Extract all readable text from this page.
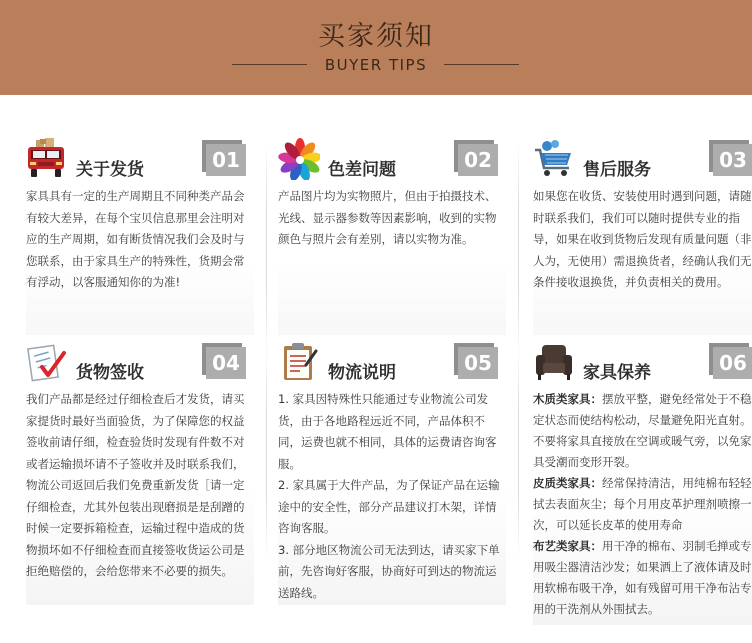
买家须知
BUYER TIPS
关于发货	01

家具具有一定的生产周期且不同种类产品会有较大差异，在每个宝贝信息那里会注明对应的生产周期，如有断货情况我们会及时与您联系，由于家具生产的特殊性，货期会常有浮动，以客服通知你的为准!

色差问题	02

产品图片均为实物照片，但由于拍摄技术、光线、显示器参数等因素影响，收到的实物颜色与照片会有差别，请以实物为准。

售后服务	03

如果您在收货、安装使用时遇到问题，请随时联系我们，我们可以随时提供专业的指导，如果在收到货物后发现有质量问题（非人为，无使用）需退换货者，经确认我们无条件接收退换货，并负责相关的费用。

货物签收	04

我们产品都是经过仔细检查后才发货，请买家提货时最好当面验货，为了保障您的权益签收前请仔细，检查验货时发现有件数不对或者运输损坏请不子签收并及时联系我们，物流公司返回后我们免费重新发货［请一定仔细检查，尤其外包装出现磨损是是刮蹭的时候一定要拆箱检查，运输过程中造成的货物损坏如不仔细检查而直接签收货运公司是拒绝赔偿的，会给您带来不必要的损失。

物流说明	05

1. 家具因特殊性只能通过专业物流公司发货，由于各地路程远近不同，产品体积不同，运费也就不相同，具体的运费请咨询客服。

2. 家具属于大件产品，为了保证产品在运输途中的安全性，部分产品建议打木架，详情咨询客服。

3. 部分地区物流公司无法到达，请买家下单前，先咨询好客服，协商好可到达的物流运送路线。

家具保养	06

木质类家具：摆放平整，避免经常处于不稳定状态而使结构松动，尽量避免阳光直射。不要将家具直接放在空调或暖气旁，以免家具受潮而变形开裂。

皮质类家具：经常保持清洁，用纯棉布轻轻拭去表面灰尘；每个月用皮革护理剂喷擦一次，可以延长皮革的使用寿命

布艺类家具：用干净的棉布、羽制毛掸或专用吸尘器清洁沙发；如果洒上了液体请及时用软棉布吸干净，如有残留可用干净布沾专用的干洗剂从外围拭去。
